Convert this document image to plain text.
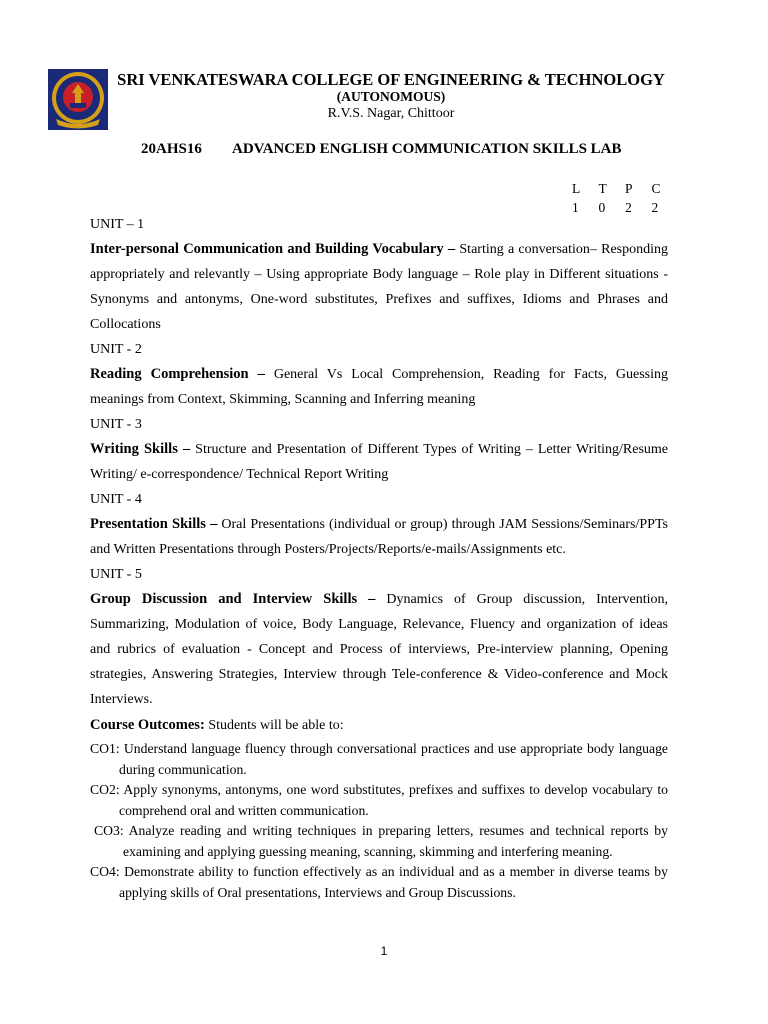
SRI VENKATESWARA COLLEGE OF ENGINEERING & TECHNOLOGY
(AUTONOMOUS)
R.V.S. Nagar, Chittoor
20AHS16 ADVANCED ENGLISH COMMUNICATION SKILLS LAB
L	T	P	C
1	0	2	2
UNIT – 1
Inter-personal Communication and Building Vocabulary – Starting a conversation– Responding appropriately and relevantly – Using appropriate Body language – Role play in Different situations - Synonyms and antonyms, One-word substitutes, Prefixes and suffixes, Idioms and Phrases and Collocations
UNIT - 2
Reading Comprehension – General Vs Local Comprehension, Reading for Facts, Guessing meanings from Context, Skimming, Scanning and Inferring meaning
UNIT - 3
Writing Skills – Structure and Presentation of Different Types of Writing – Letter Writing/Resume Writing/ e-correspondence/ Technical Report Writing
UNIT - 4
Presentation Skills – Oral Presentations (individual or group) through JAM Sessions/Seminars/PPTs and Written Presentations through Posters/Projects/Reports/e-mails/Assignments etc.
UNIT - 5
Group Discussion and Interview Skills – Dynamics of Group discussion, Intervention, Summarizing, Modulation of voice, Body Language, Relevance, Fluency and organization of ideas and rubrics of evaluation - Concept and Process of interviews, Pre-interview planning, Opening strategies, Answering Strategies, Interview through Tele-conference & Video-conference and Mock Interviews.
Course Outcomes: Students will be able to:
CO1: Understand language fluency through conversational practices and use appropriate body language during communication.
CO2: Apply synonyms, antonyms, one word substitutes, prefixes and suffixes to develop vocabulary to comprehend oral and written communication.
CO3: Analyze reading and writing techniques in preparing letters, resumes and technical reports by examining and applying guessing meaning, scanning, skimming and interfering meaning.
CO4: Demonstrate ability to function effectively as an individual and as a member in diverse teams by applying skills of Oral presentations, Interviews and Group Discussions.
1
